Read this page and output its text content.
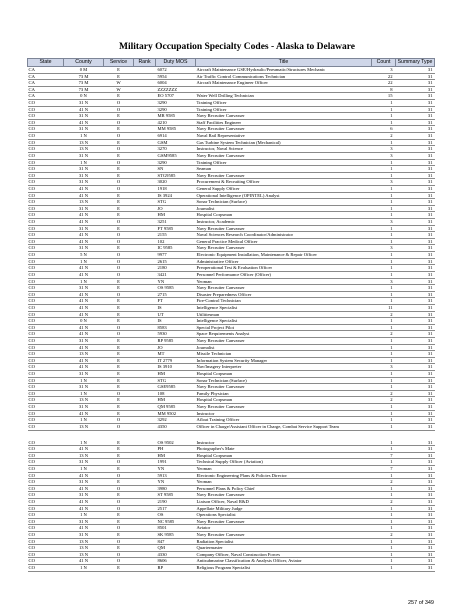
Military Occupation Specialty Codes - Alaska to Delaware
State	County	Service	Rank	Duty MOS	Title	Count	Summary Type
CA	0 M	E		6072	Aircraft Maintenance GSE/Hydraulic/Pneumatic/Structures Mechanic	3	31
CA	73 M	E		5954	Air Traffic Control Communications Technician	22	31
CA	73 M	W		6004	Aircraft Maintenance Engineer Officer	22	31
CA	73 M	W		ZZZZZZZ		8	31
CA	0 N	E		EO 5707	Water Well Drilling Technician	15	31
CO	31 N	O		3290	Training Officer	1	31
CO	41 N	O		3290	Training Officer	1	31
CO	31 N	E		MR 9585	Navy Recruiter Canvasser	1	31
CO	41 N	O		4210	Staff Facilities Engineer	1	31
CO	31 N	E		MM 9585	Navy Recruiter Canvasser	6	31
CO	1 N	O		6914	Naval Rail Representative	2	31
CO	13 N	E		GSM	Gas Turbine System Technician (Mechanical)	1	31
CO	13 N	O		3270	Instructor, Naval Science	3	31
CO	31 N	E		GSM9585	Navy Recruiter Canvasser	3	31
CO	1 N	O		3290	Training Officer	1	31
CO	31 N	E		SN	Seaman	1	31
CO	31 N	E		STG9585	Navy Recruiter Canvasser	1	31
CO	31 N	O		3020	Procurement & Recruiting Officer	3	31
CO	41 N	O		1918	General Supply Officer	1	31
CO	41 N	E		IS 3924	Operational Intelligence (OPINTEL) Analyst	1	31
CO	13 N	E		STG	Sonar Technician (Surface)	1	31
CO	31 N	E		JO	Journalist	1	31
CO	41 N	E		HM	Hospital Corpsman	1	31
CO	41 N	O		3251	Instructor, Academic	3	31
CO	31 N	E		FT 9585	Navy Recruiter Canvasser	1	31
CO	41 N	O		2155	Naval Sciences Research Coordinator/Administrator	1	31
CO	41 N	O		102	General Practice Medical Officer	1	31
CO	31 N	E		IC 9585	Navy Recruiter Canvasser	3	31
CO	5 N	O		9977	Electronic Equipment Installation, Maintenance & Repair Officer	1	31
CO	1 N	O		2615	Administrative Officer	1	31
CO	41 N	O		2180	Preoperational Test & Evaluation Officer	1	31
CO	41 N	O		3421	Personnel Performance Officer (Officer)	1	31
CO	1 N	E		YN	Yeoman	3	31
CO	31 N	E		OS 9585	Navy Recruiter Canvasser	1	31
CO	41 N	O		2715	Disaster Preparedness Officer	1	31
CO	41 N	E		FT	Fire-Control Technician	1	31
CO	41 N	E		IS	Intelligence Specialist	11	31
CO	41 N	E		UT	Utilitiesman	2	31
CO	0 N	E		IS	Intelligence Specialist	1	31
CO	41 N	O		8583	Special Project Pilot	1	31
CO	41 N	O		5930	Space Requirements Analyst	2	31
CO	31 N	E		RP 9585	Navy Recruiter Canvasser	1	31
CO	41 N	E		JO	Journalist	1	31
CO	13 N	E		MT	Missile Technician	1	31
CO	41 N	E		IT 2779	Information System Security Manager	1	31
CO	41 N	E		IS 3910	Nav/Imagery Interpreter	3	31
CO	31 N	E		HM	Hospital Corpsman	1	31
CO	1 N	E		STG	Sonar Technician (Surface)	1	31
CO	31 N	E		GSE9585	Navy Recruiter Canvasser	1	31
CO	1 N	O		108	Family Physician	2	31
CO	13 N	E		HM	Hospital Corpsman	2	31
CO	31 N	E		QM 9585	Navy Recruiter Canvasser	1	31
CO	41 N	E		MM 9502	Instructor	1	31
CO	1 N	O		3292	Afloat Training Officer	1	31
CO	13 N	O		4350	Officer in Charge/Assistant Officer in Charge, Combat Service Support Team	1	31

CO	1 N	E		OS 9502	Instructor	1	31
CO	41 N	E		PH	Photographer's Mate	1	31
CO	13 N	E		HM	Hospital Corpsman	7	31
CO	31 N	O		1991	Technical Supply Officer (Aviation)	1	31
CO	1 N	E		YN	Yeoman	7	31
CO	41 N	O		5913	Electronic Engineering Plans & Policies Director	1	31
CO	31 N	E		YN	Yeoman	2	31
CO	41 N	O		3980	Personnel Plans & Policy Chief	1	31
CO	31 N	E		ST 9585	Navy Recruiter Canvasser	1	31
CO	41 N	O		2190	Liaison Officer, Naval R&D	2	31
CO	41 N	O		2517	Appellate Military Judge	1	31
CO	1 N	E		OS	Operations Specialist	1	31
CO	31 N	E		NC 9585	Navy Recruiter Canvasser	1	31
CO	41 N	O		8501	Aviator	1	31
CO	31 N	E		SK 9585	Navy Recruiter Canvasser	2	31
CO	13 N	O		847	Radiation Specialist	1	31
CO	13 N	E		QM	Quartermaster	1	31
CO	13 N	O		4330	Company Officer, Naval Construction Forces	1	31
CO	41 N	O		8606	Antisubmarine Classification & Analysis Officer, Aviator	1	31
CO	1 N	E		RP	Religious Program Specialist	1	31
257 of 349
